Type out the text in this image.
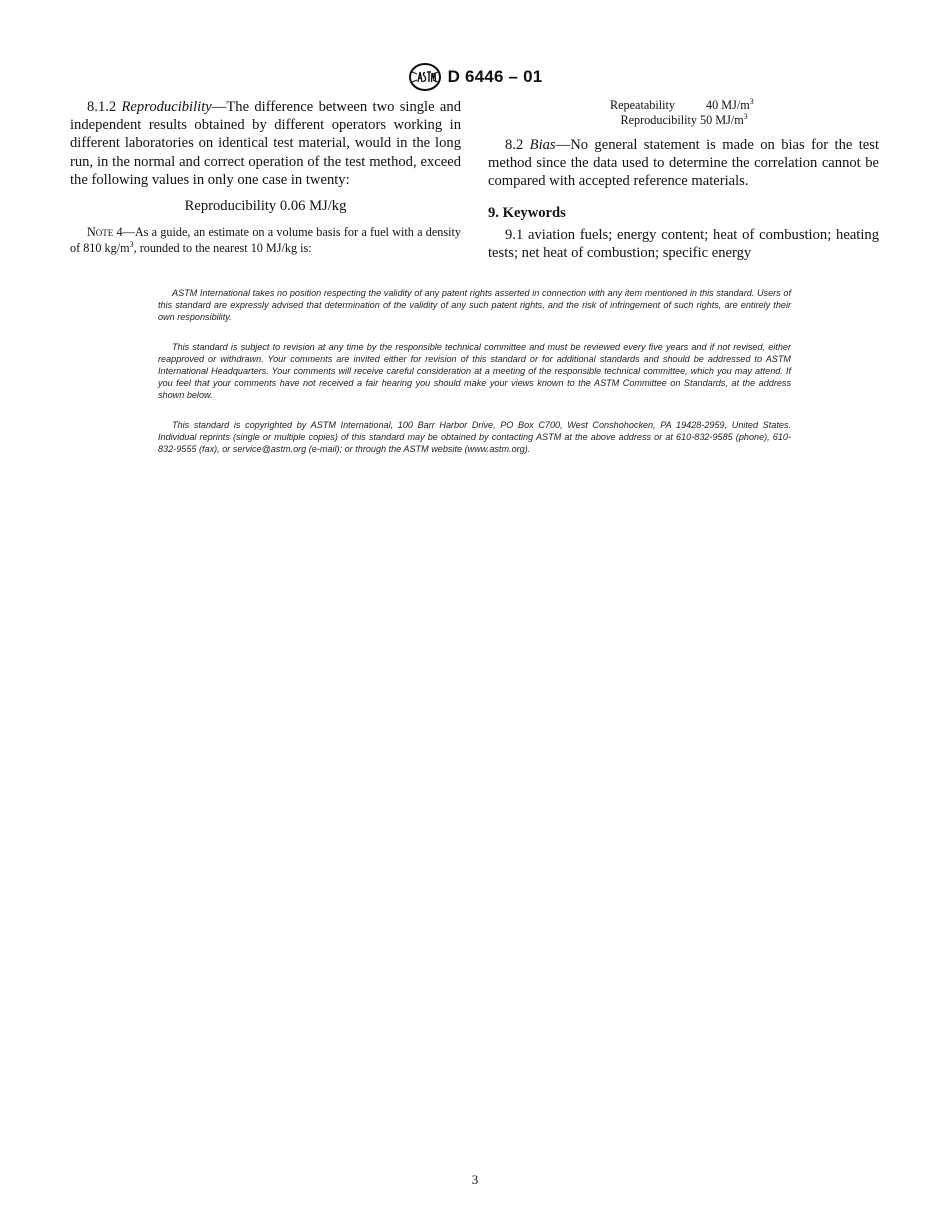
D 6446 – 01

8.1.2 Reproducibility—The difference between two single and independent results obtained by different operators working in different laboratories on identical test material, would in the long run, in the normal and correct operation of the test method, exceed the following values in only one case in twenty:

Reproducibility 0.06 MJ/kg

Note 4—As a guide, an estimate on a volume basis for a fuel with a density of 810 $kg/m^3$, rounded to the nearest 10 MJ/kg is:

Repeatability	40 $MJ/m^3$
Reproducibility 50 $MJ/m^3$

8.2 Bias—No general statement is made on bias for the test method since the data used to determine the correlation cannot be compared with accepted reference materials.

9. Keywords

9.1 aviation fuels; energy content; heat of combustion; heating tests; net heat of combustion; specific energy

ASTM International takes no position respecting the validity of any patent rights asserted in connection with any item mentioned in this standard. Users of this standard are expressly advised that determination of the validity of any such patent rights, and the risk of infringement of such rights, are entirely their own responsibility.

This standard is subject to revision at any time by the responsible technical committee and must be reviewed every five years and if not revised, either reapproved or withdrawn. Your comments are invited either for revision of this standard or for additional standards and should be addressed to ASTM International Headquarters. Your comments will receive careful consideration at a meeting of the responsible technical committee, which you may attend. If you feel that your comments have not received a fair hearing you should make your views known to the ASTM Committee on Standards, at the address shown below.

This standard is copyrighted by ASTM International, 100 Barr Harbor Drive, PO Box C700, West Conshohocken, PA 19428-2959, United States. Individual reprints (single or multiple copies) of this standard may be obtained by contacting ASTM at the above address or at 610-832-9585 (phone), 610-832-9555 (fax), or service@astm.org (e-mail); or through the ASTM website (www.astm.org).

3
